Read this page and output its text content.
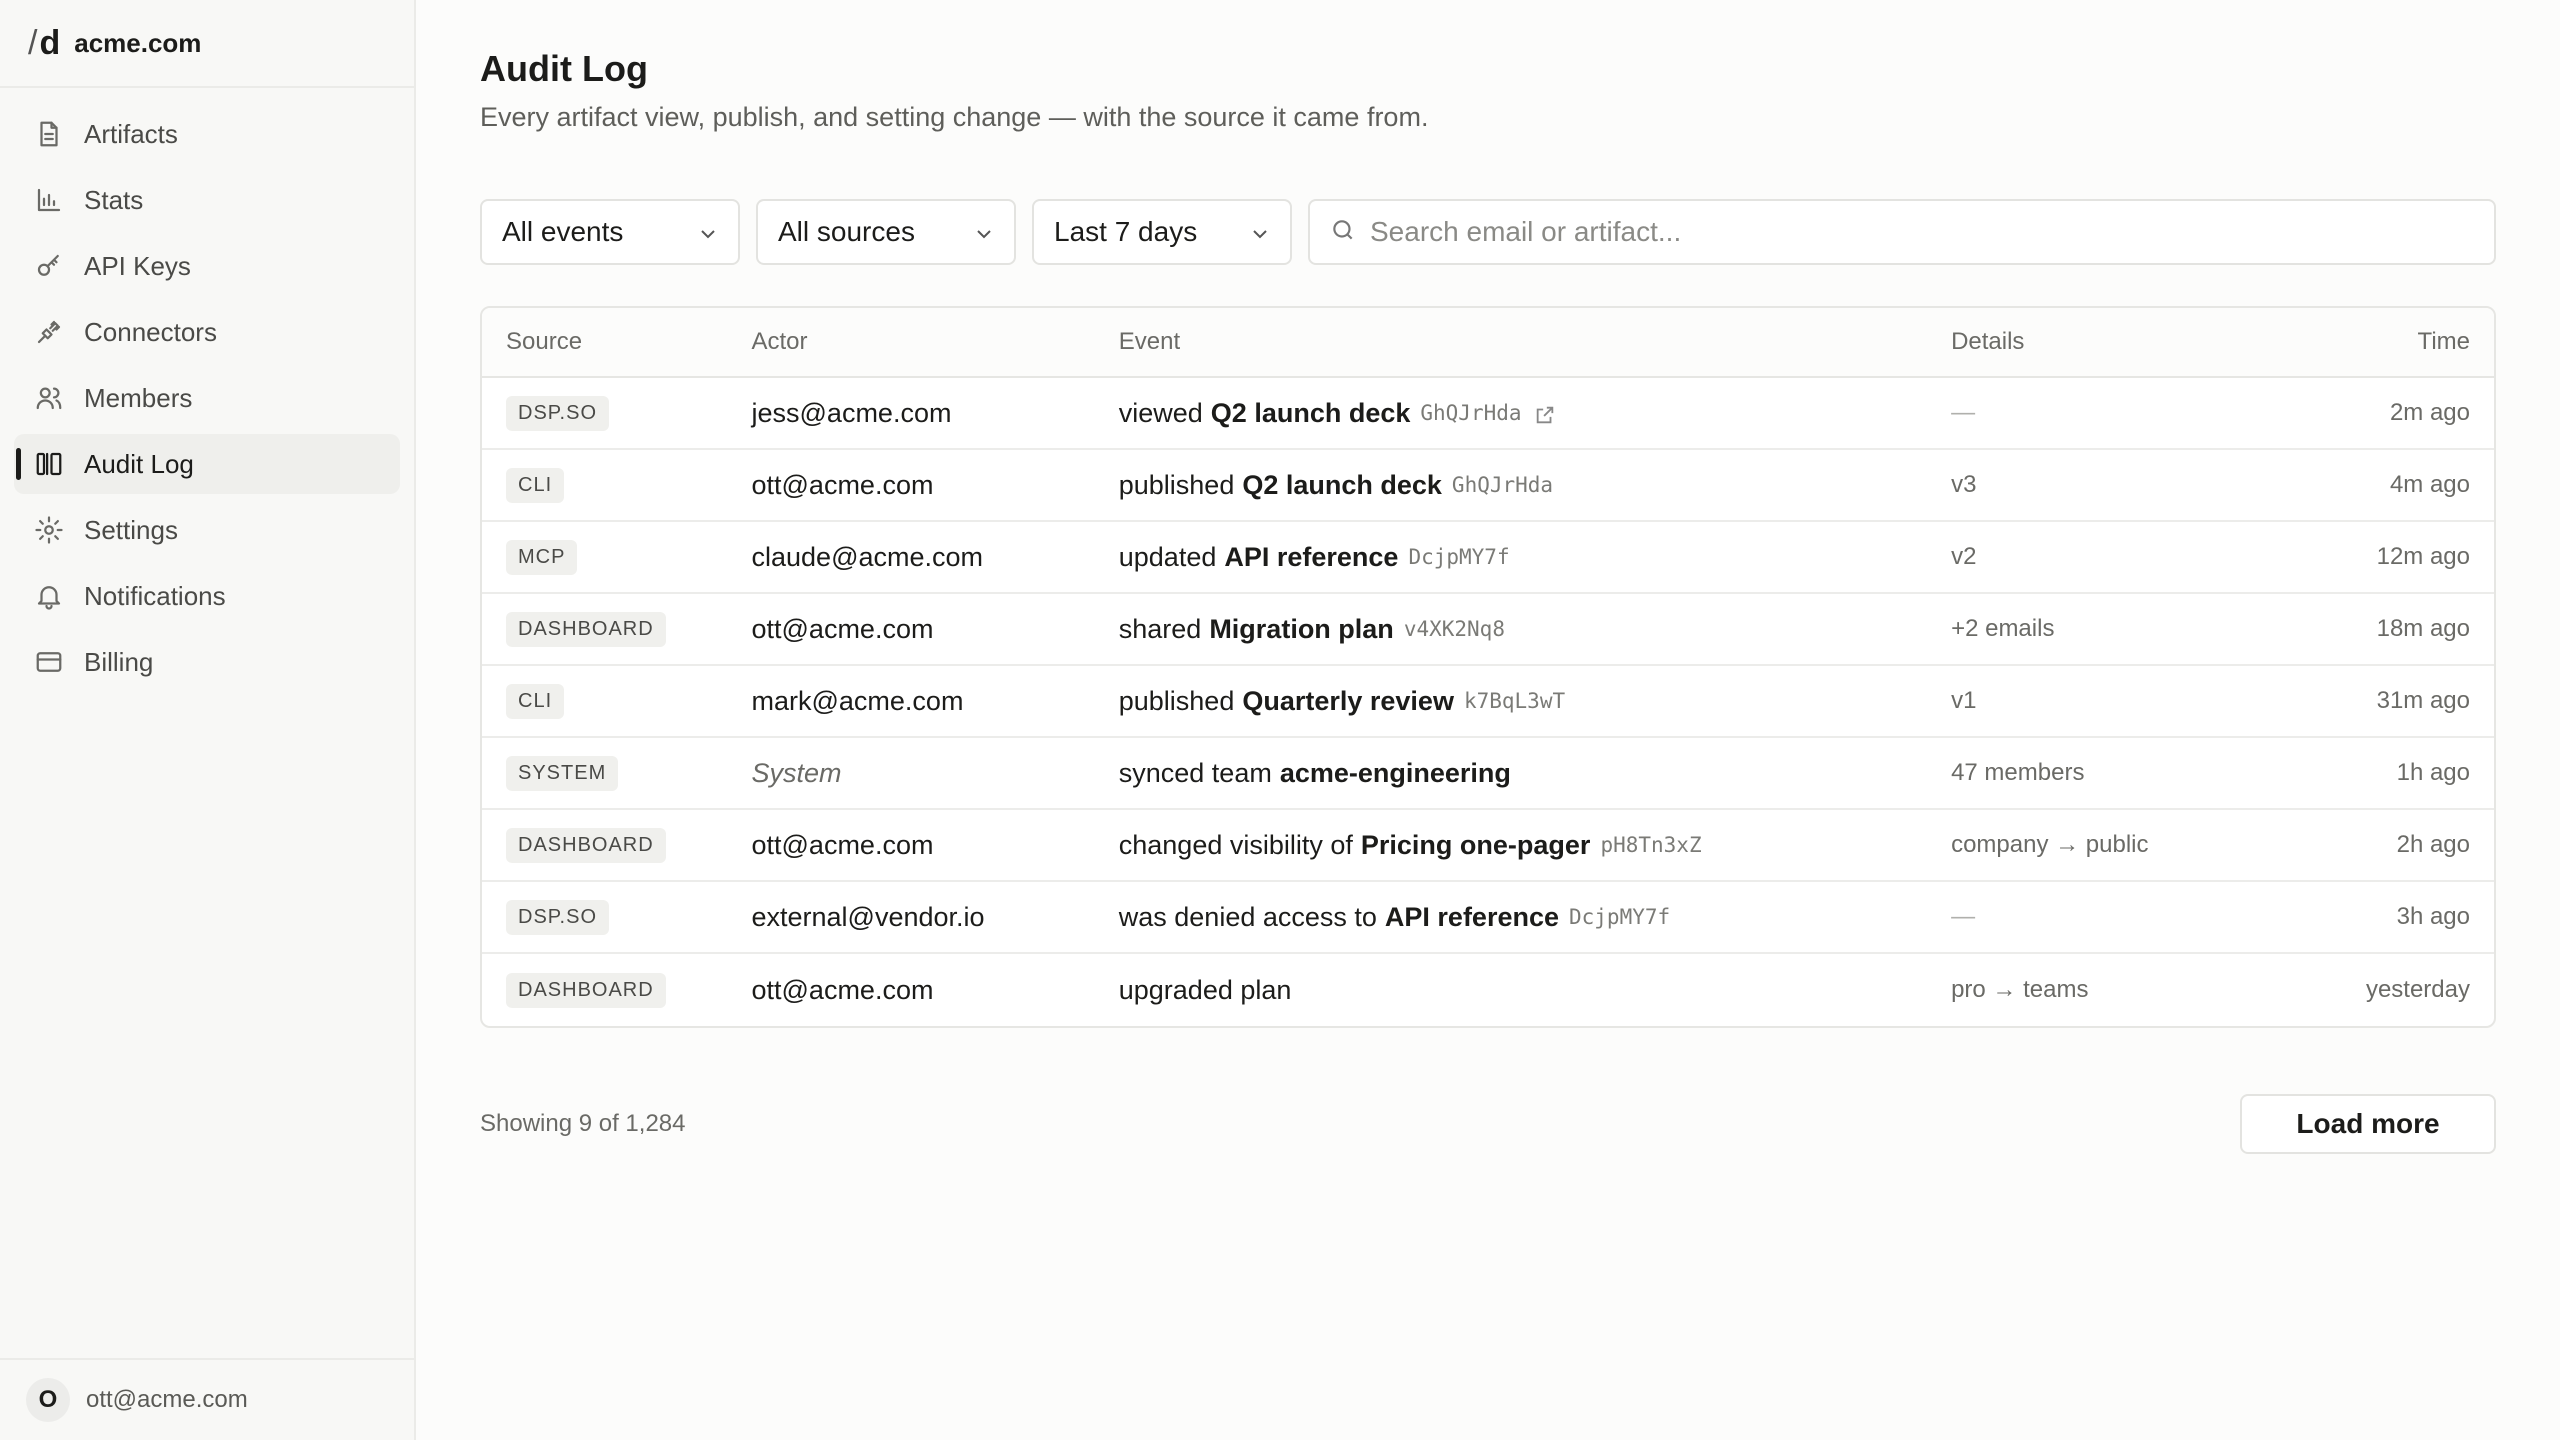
/ d acme.com
Artifacts
Stats
API Keys
Connectors
Members
Audit Log
Settings
Notifications
Billing
O	ott@acme.com
Audit Log

Every artifact view, publish, and setting change — with the source it came from.

All events	All sources	Last 7 days
Search email or artifact...
Source	Actor	Event	Details	Time
DSP.SO	jess@acme.com	viewed Q2 launch deck GhQJrHda	—	2m ago
CLI	ott@acme.com	published Q2 launch deck GhQJrHda	v3	4m ago
MCP	claude@acme.com	updated API reference DcjpMY7f	v2	12m ago
DASHBOARD	ott@acme.com	shared Migration plan v4XK2Nq8	+2 emails	18m ago
CLI	mark@acme.com	published Quarterly review k7BqL3wT	v1	31m ago
SYSTEM	System	synced team acme-engineering	47 members	1h ago
DASHBOARD	ott@acme.com	changed visibility of Pricing one-pager pH8Tn3xZ	company → public	2h ago
DSP.SO	external@vendor.io	was denied access to API reference DcjpMY7f	—	3h ago
DASHBOARD	ott@acme.com	upgraded plan	pro → teams	yesterday
Showing 9 of 1,284	Load more
